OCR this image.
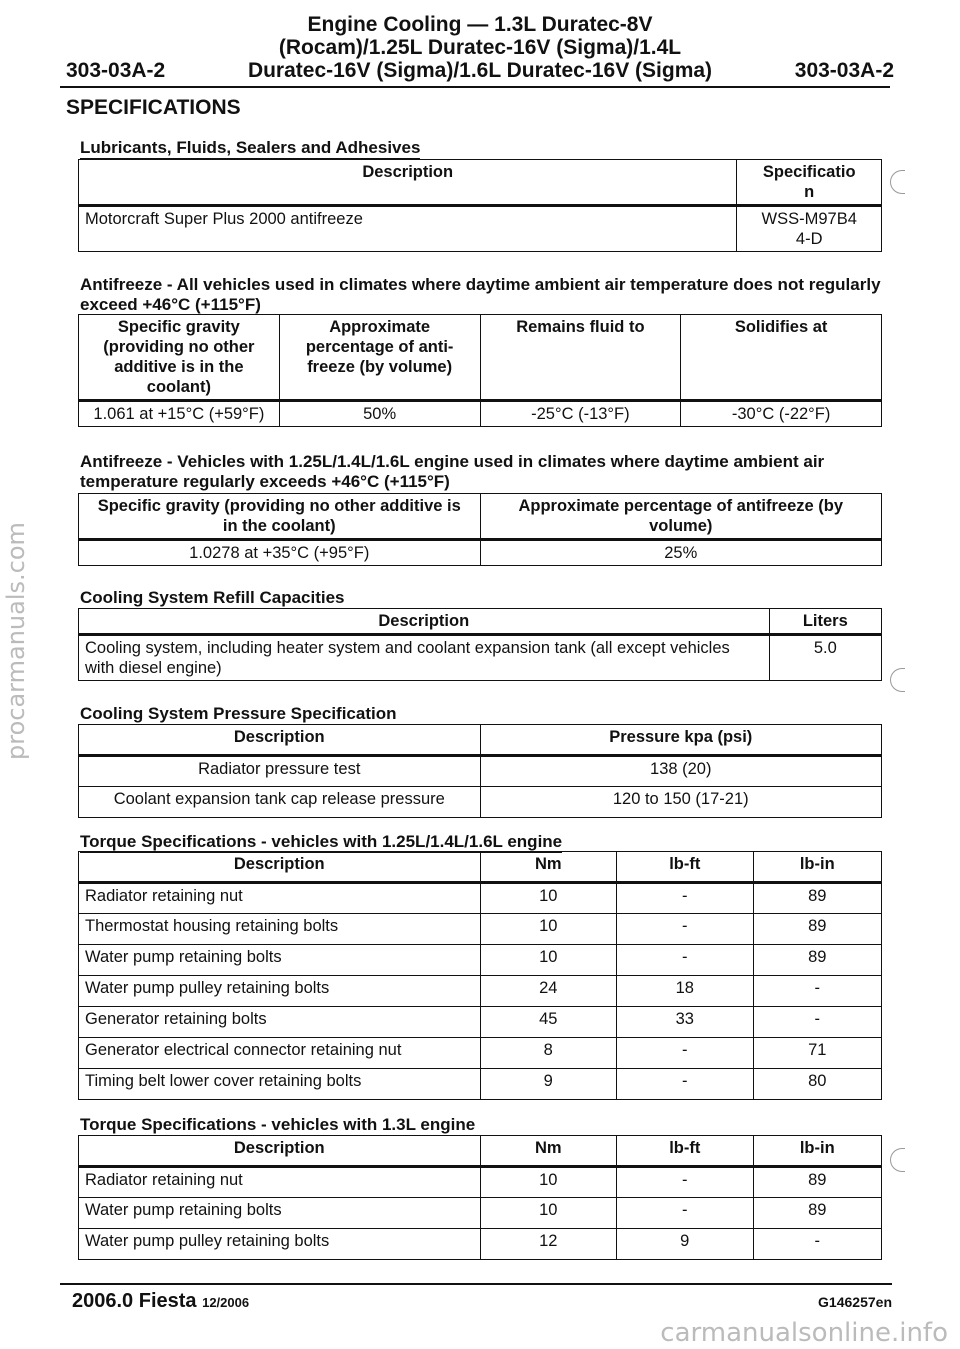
Engine Cooling — 1.3L Duratec-8V
(Rocam)/1.25L Duratec-16V (Sigma)/1.4L
Duratec-16V (Sigma)/1.6L Duratec-16V (Sigma)
303-03A-2	303-03A-2
SPECIFICATIONS
Lubricants, Fluids, Sealers and Adhesives
Description	Specificatio
n
Motorcraft Super Plus 2000 antifreeze	WSS-M97B4
4-D
Antifreeze - All vehicles used in climates where daytime ambient air temperature does not regularly exceed +46°C (+115°F)
Specific gravity
(providing no other
additive is in the
coolant)	Approximate
percentage of anti-
freeze (by volume)	Remains fluid to	Solidifies at
1.061 at +15°C (+59°F)	50%	-25°C (-13°F)	-30°C (-22°F)
Antifreeze - Vehicles with 1.25L/1.4L/1.6L engine used in climates where daytime ambient air temperature regularly exceeds +46°C (+115°F)
Specific gravity (providing no other additive is
in the coolant)	Approximate percentage of antifreeze (by
volume)
1.0278 at +35°C (+95°F)	25%
Cooling System Refill Capacities
Description	Liters
Cooling system, including heater system and coolant expansion tank (all except vehicles
with diesel engine)	5.0
Cooling System Pressure Specification
Description	Pressure kpa (psi)
Radiator pressure test	138 (20)
Coolant expansion tank cap release pressure	120 to 150 (17-21)
Torque Specifications - vehicles with 1.25L/1.4L/1.6L engine
Description	Nm	lb-ft	lb-in
Radiator retaining nut	10	-	89
Thermostat housing retaining bolts	10	-	89
Water pump retaining bolts	10	-	89
Water pump pulley retaining bolts	24	18	-
Generator retaining bolts	45	33	-
Generator electrical connector retaining nut	8	-	71
Timing belt lower cover retaining bolts	9	-	80
Torque Specifications - vehicles with 1.3L engine
Description	Nm	lb-ft	lb-in
Radiator retaining nut	10	-	89
Water pump retaining bolts	10	-	89
Water pump pulley retaining bolts	12	9	-
2006.0 Fiesta 12/2006	G146257en
procarmanuals.com
carmanualsonline.info
